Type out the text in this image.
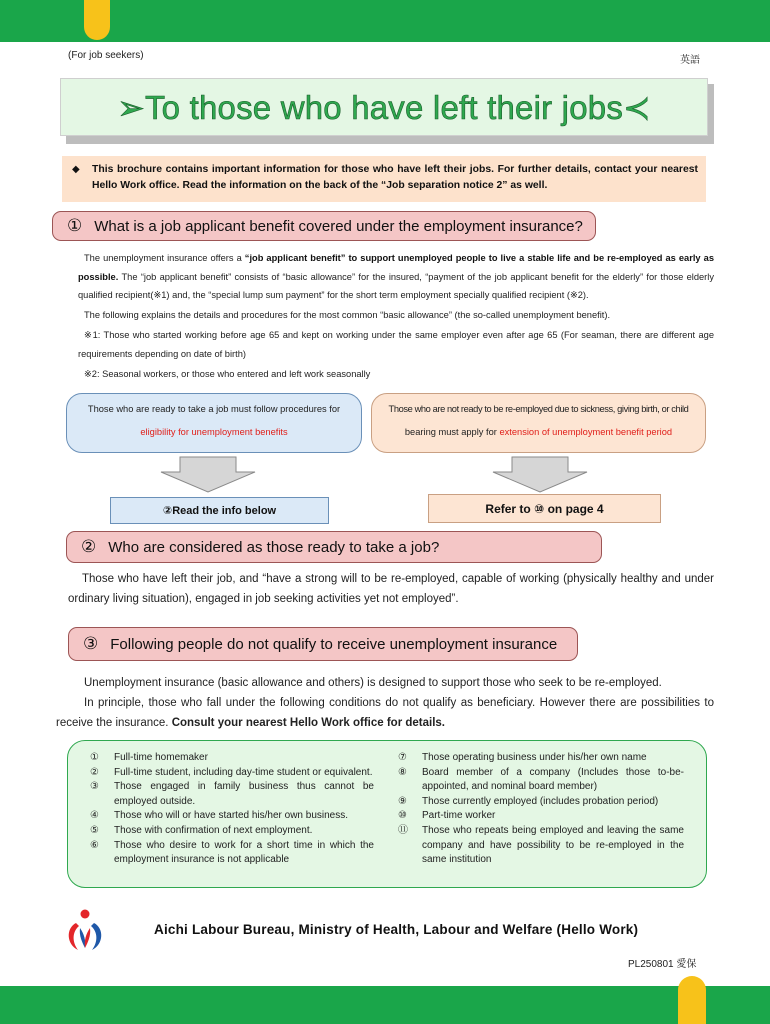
(For job seekers)	英語
➢To those who have left their jobs≺
◆ This brochure contains important information for those who have left their jobs. For further details, contact your nearest Hello Work office. Read the information on the back of the “Job separation notice 2” as well.
① What is a job applicant benefit covered under the employment insurance?
The unemployment insurance offers a “job applicant benefit” to support unemployed people to live a stable life and be re-employed as early as possible. The “job applicant benefit” consists of “basic allowance” for the insured, “payment of the job applicant benefit for the elderly” for those elderly qualified recipient(※1) and, the “special lump sum payment” for the short term employment specially qualified recipient (※2).
The following explains the details and procedures for the most common “basic allowance” (the so-called unemployment benefit).
※1: Those who started working before age 65 and kept on working under the same employer even after age 65 (For seaman, there are different age requirements depending on date of birth)
※2: Seasonal workers, or those who entered and left work seasonally
Those who are ready to take a job must follow procedures for
eligibility for unemployment benefits
Those who are not ready to be re-employed due to sickness, giving birth, or child
bearing must apply for extension of unemployment benefit period
②Read the info below	Refer to ⑩ on page 4
② Who are considered as those ready to take a job?
Those who have left their job, and “have a strong will to be re-employed, capable of working (physically healthy and under ordinary living situation), engaged in job seeking activities yet not employed”.
③ Following people do not qualify to receive unemployment insurance
Unemployment insurance (basic allowance and others) is designed to support those who seek to be re-employed.
In principle, those who fall under the following conditions do not qualify as beneficiary. However there are possibilities to receive the insurance. Consult your nearest Hello Work office for details.
①	Full-time homemaker
②	Full-time student, including day-time student or equivalent.
③	Those engaged in family business thus cannot be employed outside.
④	Those who will or have started his/her own business.
⑤	Those with confirmation of next employment.
⑥	Those who desire to work for a short time in which the employment insurance is not applicable
⑦	Those operating business under his/her own name
⑧	Board member of a company (Includes those to-be-appointed, and nominal board member)
⑨	Those currently employed (includes probation period)
⑩	Part-time worker
⑪	Those who repeats being employed and leaving the same company and have possibility to be re-employed in the same institution
Aichi Labour Bureau, Ministry of Health, Labour and Welfare (Hello Work)
PL250801 愛保
